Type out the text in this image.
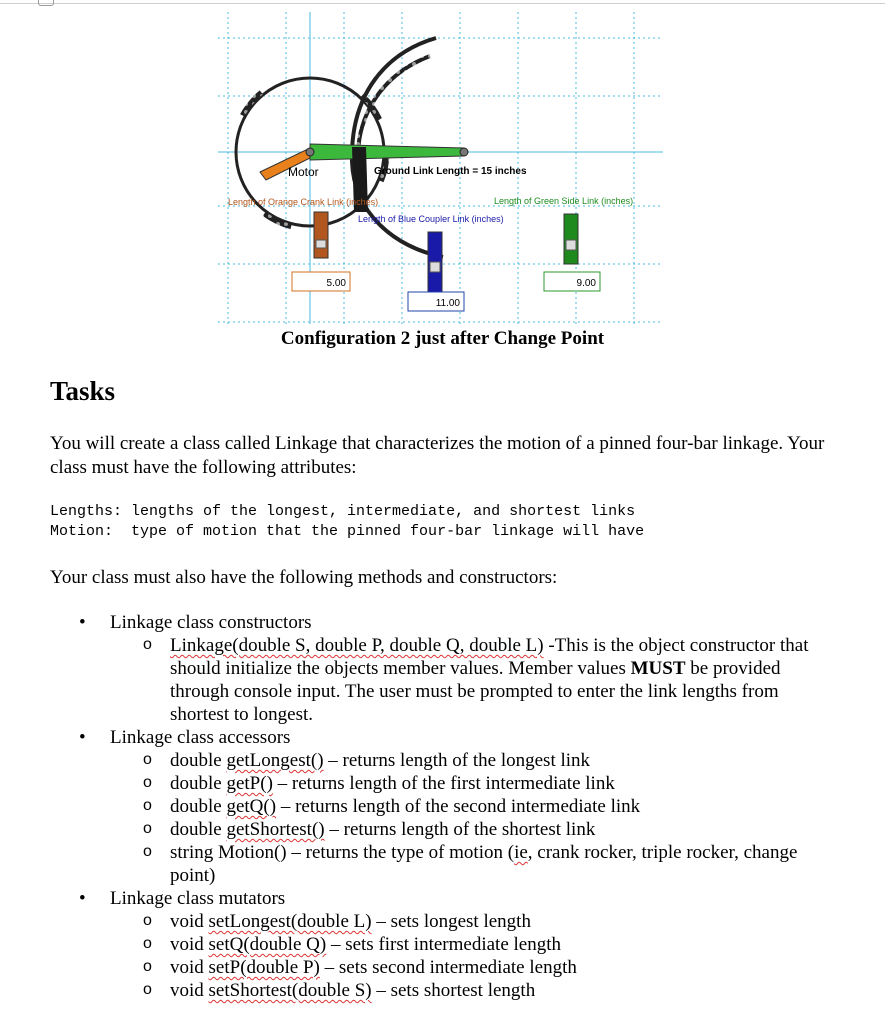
Motor	Ground Link Length = 15 inches
Length of Orange Crank Link (inches)	Length of Green Side Link (inches)
Length of Blue Coupler Link (inches)
5.00
11.00
9.00
Configuration 2 just after Change Point
Tasks

You will create a class called Linkage that characterizes the motion of a pinned four-bar linkage. Your class must have the following attributes:

Lengths: lengths of the longest, intermediate, and shortest links
Motion:  type of motion that the pinned four-bar linkage will have

Your class must also have the following methods and constructors:

• Linkage class constructors
o Linkage(double S, double P, double Q, double L) -This is the object constructor that should initialize the objects member values. Member values MUST be provided through console input. The user must be prompted to enter the link lengths from shortest to longest.
• Linkage class accessors
o double getLongest() – returns length of the longest link
o double getP() – returns length of the first intermediate link
o double getQ() – returns length of the second intermediate link
o double getShortest() – returns length of the shortest link
o string Motion() – returns the type of motion (ie, crank rocker, triple rocker, change point)
• Linkage class mutators
o void setLongest(double L) – sets longest length
o void setQ(double Q) – sets first intermediate length
o void setP(double P) – sets second intermediate length
o void setShortest(double S) – sets shortest length
